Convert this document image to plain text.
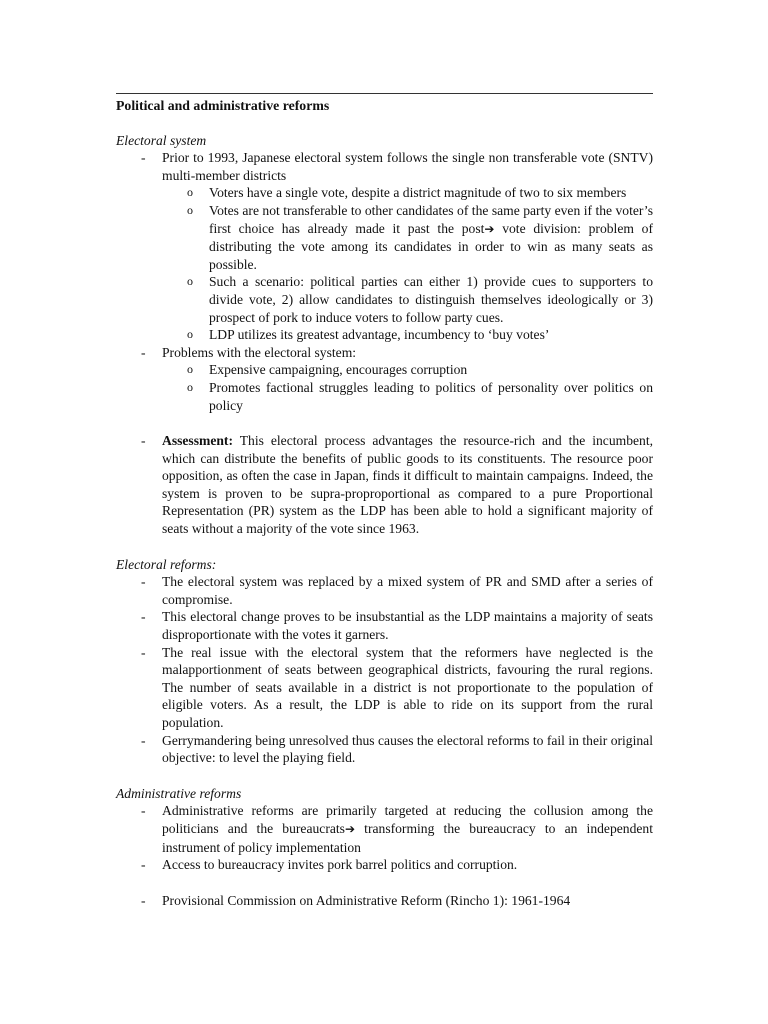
Political and administrative reforms
Electoral system
- Prior to 1993, Japanese electoral system follows the single non transferable vote (SNTV) multi-member districts
o Voters have a single vote, despite a district magnitude of two to six members
o Votes are not transferable to other candidates of the same party even if the voter’s first choice has already made it past the post➔ vote division: problem of distributing the vote among its candidates in order to win as many seats as possible.
o Such a scenario: political parties can either 1) provide cues to supporters to divide vote, 2) allow candidates to distinguish themselves ideologically or 3) prospect of pork to induce voters to follow party cues.
o LDP utilizes its greatest advantage, incumbency to ‘buy votes’
- Problems with the electoral system:
o Expensive campaigning, encourages corruption
o Promotes factional struggles leading to politics of personality over politics on policy
- Assessment: This electoral process advantages the resource-rich and the incumbent, which can distribute the benefits of public goods to its constituents. The resource poor opposition, as often the case in Japan, finds it difficult to maintain campaigns. Indeed, the system is proven to be supra-proproportional as compared to a pure Proportional Representation (PR) system as the LDP has been able to hold a significant majority of seats without a majority of the vote since 1963.
Electoral reforms:
- The electoral system was replaced by a mixed system of PR and SMD after a series of compromise.
- This electoral change proves to be insubstantial as the LDP maintains a majority of seats disproportionate with the votes it garners.
- The real issue with the electoral system that the reformers have neglected is the malapportionment of seats between geographical districts, favouring the rural regions. The number of seats available in a district is not proportionate to the population of eligible voters. As a result, the LDP is able to ride on its support from the rural population.
- Gerrymandering being unresolved thus causes the electoral reforms to fail in their original objective: to level the playing field.
Administrative reforms
- Administrative reforms are primarily targeted at reducing the collusion among the politicians and the bureaucrats➔ transforming the bureaucracy to an independent instrument of policy implementation
- Access to bureaucracy invites pork barrel politics and corruption.
- Provisional Commission on Administrative Reform (Rincho 1): 1961-1964
